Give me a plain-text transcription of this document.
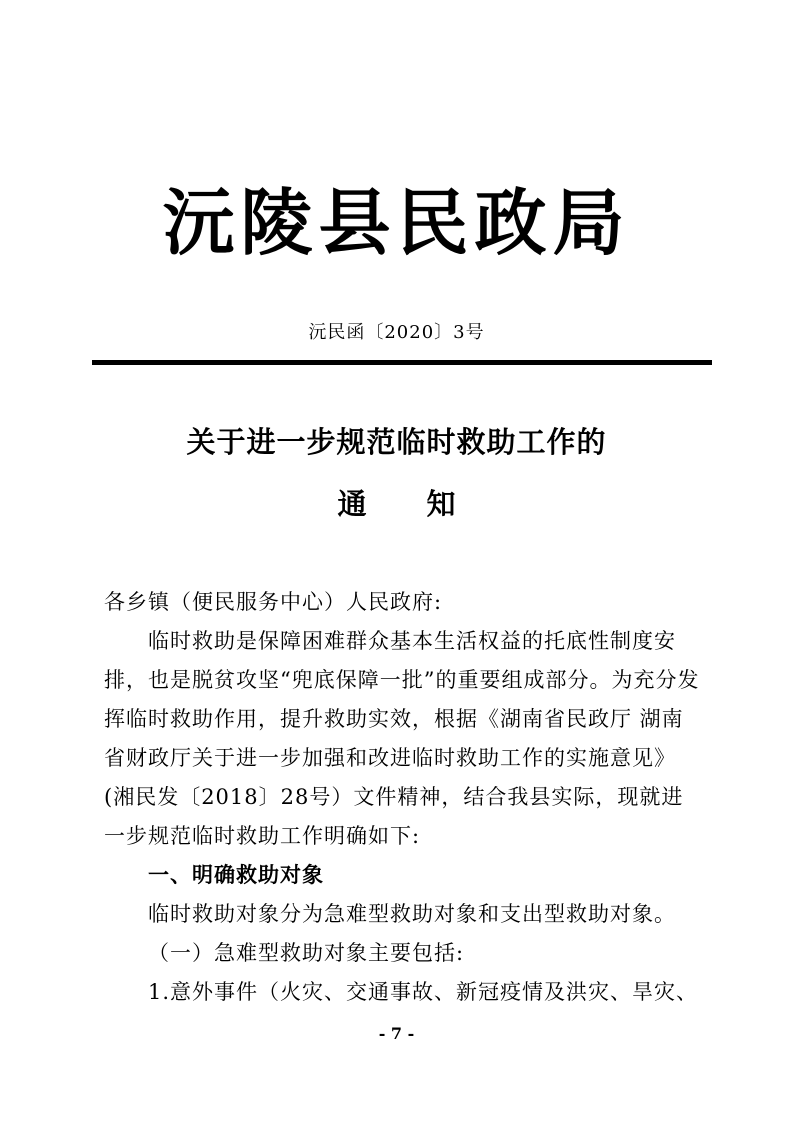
沅陵县民政局
沅民函〔2020〕3号
关于进一步规范临时救助工作的
通知

各乡镇（便民服务中心）人民政府:

临时救助是保障困难群众基本生活权益的托底性制度安排，也是脱贫攻坚“兜底保障一批”的重要组成部分。为充分发挥临时救助作用，提升救助实效，根据《湖南省民政厅 湖南省财政厅关于进一步加强和改进临时救助工作的实施意见》(湘民发〔2018〕28号）文件精神，结合我县实际，现就进一步规范临时救助工作明确如下:

一、明确救助对象

临时救助对象分为急难型救助对象和支出型救助对象。

（一）急难型救助对象主要包括:

1.意外事件（火灾、交通事故、新冠疫情及洪灾、旱灾、

- 7 -
